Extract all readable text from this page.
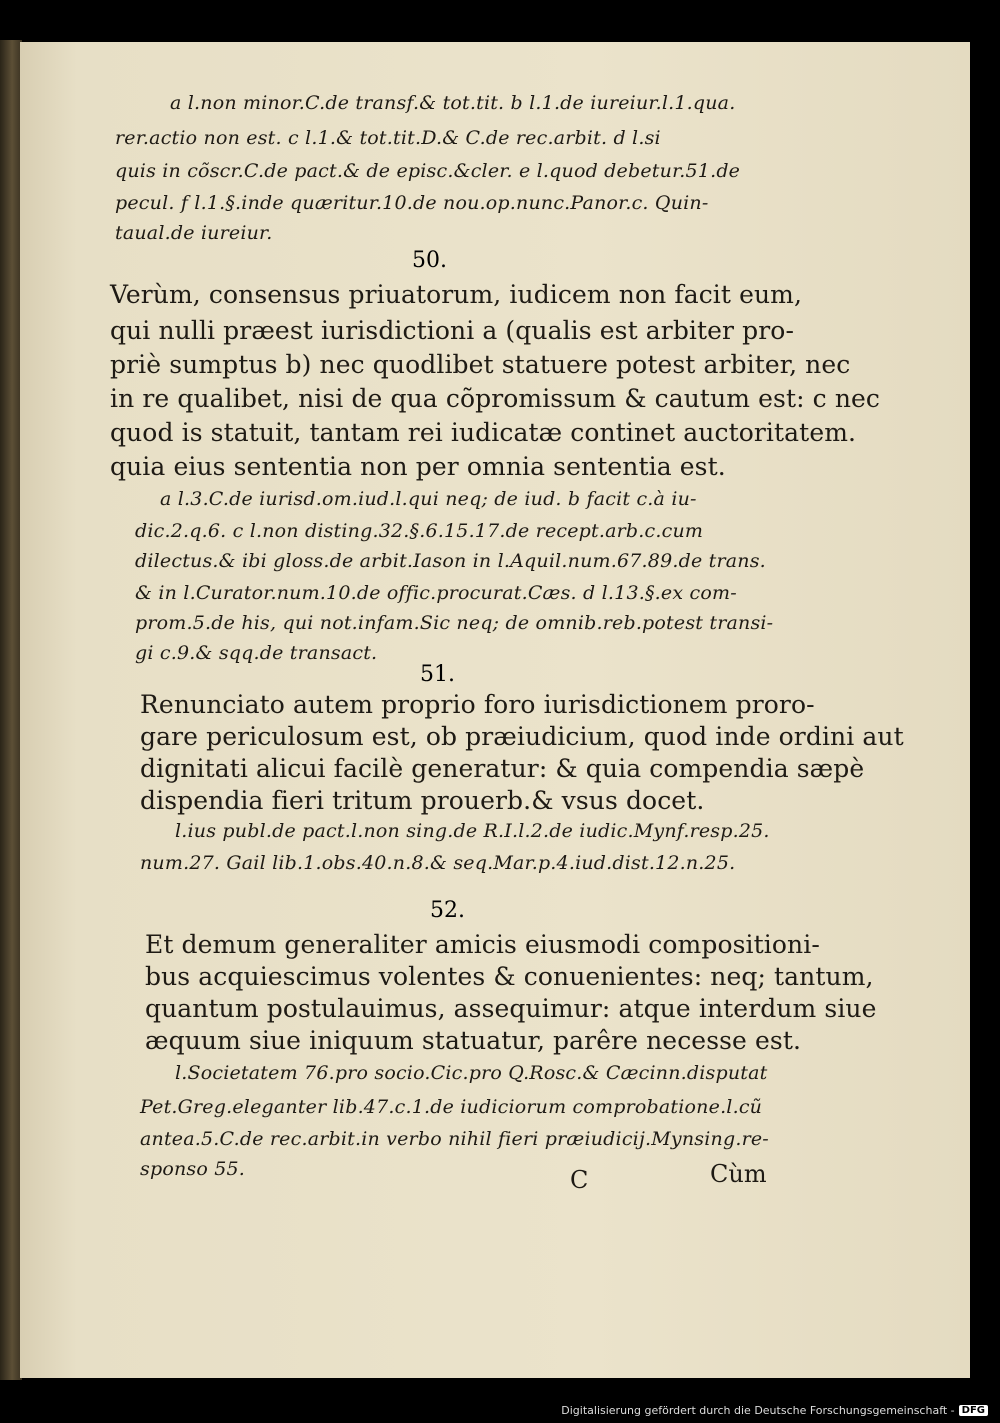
a l.non minor.C.de transf.& tot.tit. b l.1.de iureiur.l.1.qua.
rer.actio non est. c l.1.& tot.tit.D.& C.de rec.arbit. d l.si
quis in cõscr.C.de pact.& de episc.&cler. e l.quod debetur.51.de
pecul. f l.1.§.inde quæritur.10.de nou.op.nunc.Panor.c. Quin-
taual.de iureiur.
50.
Verùm, consensus priuatorum, iudicem non facit eum,
qui nulli præest iurisdictioni a (qualis est arbiter pro-
priè sumptus b) nec quodlibet statuere potest arbiter, nec
in re qualibet, nisi de qua cõpromissum & cautum est: c nec
quod is statuit, tantam rei iudicatæ continet auctoritatem.
quia eius sententia non per omnia sententia est.
a l.3.C.de iurisd.om.iud.l.qui neq; de iud. b facit c.à iu-
dic.2.q.6. c l.non disting.32.§.6.15.17.de recept.arb.c.cum
dilectus.& ibi gloss.de arbit.Iason in l.Aquil.num.67.89.de trans.
& in l.Curator.num.10.de offic.procurat.Cæs. d l.13.§.ex com-
prom.5.de his, qui not.infam.Sic neq; de omnib.reb.potest transi-
gi c.9.& sqq.de transact.
51.
Renunciato autem proprio foro iurisdictionem proro-
gare periculosum est, ob præiudicium, quod inde ordini aut
dignitati alicui facilè generatur: & quia compendia sæpè
dispendia fieri tritum prouerb.& vsus docet.
l.ius publ.de pact.l.non sing.de R.I.l.2.de iudic.Mynf.resp.25.
num.27. Gail lib.1.obs.40.n.8.& seq.Mar.p.4.iud.dist.12.n.25.
52.
Et demum generaliter amicis eiusmodi compositioni-
bus acquiescimus volentes & conuenientes: neq; tantum,
quantum postulauimus, assequimur: atque interdum siue
æquum siue iniquum statuatur, parêre necesse est.
l.Societatem 76.pro socio.Cic.pro Q.Rosc.& Cæcinn.disputat
Pet.Greg.eleganter lib.47.c.1.de iudiciorum comprobatione.l.cũ
antea.5.C.de rec.arbit.in verbo nihil fieri præiudicij.Mynsing.re-
sponso 55.	C	Cùm
Digitalisierung gefördert durch die Deutsche Forschungsgemeinschaft - DFG
